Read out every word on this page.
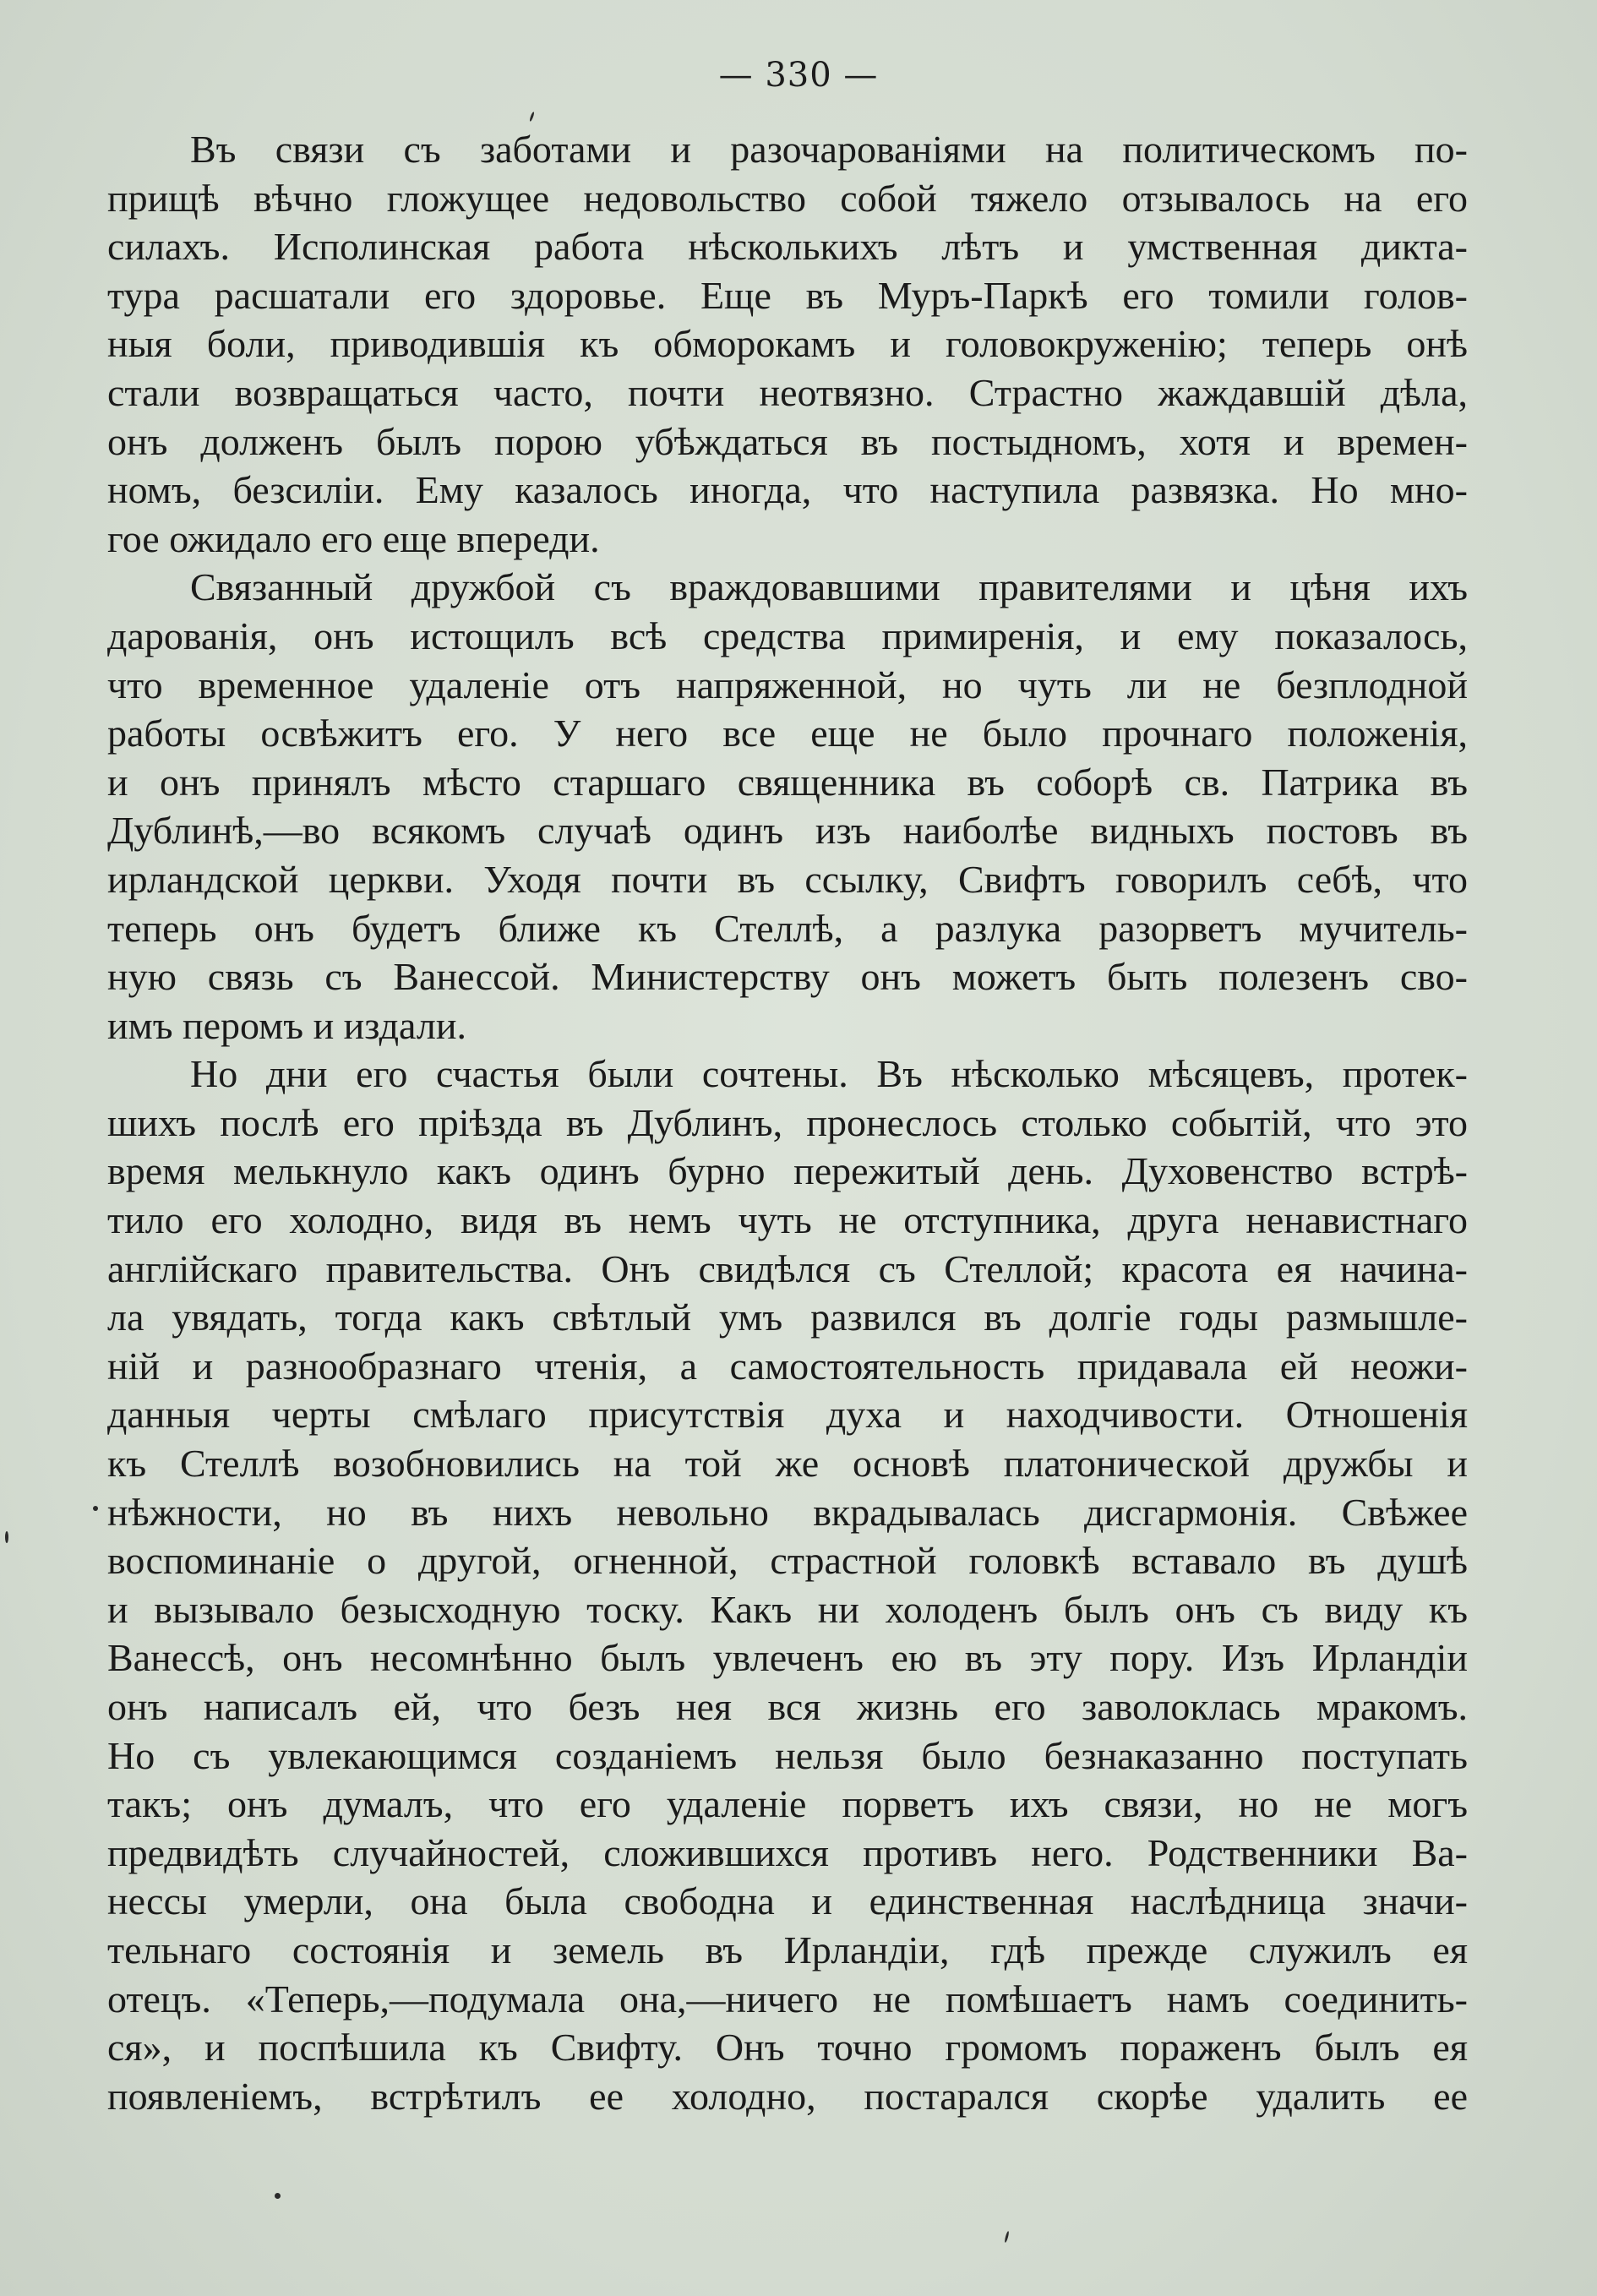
— 330 —
Въ связи съ заботами и разочарованіями на политическомъ по-
прищѣ вѣчно гложущее недовольство собой тяжело отзывалось на его
силахъ. Исполинская работа нѣсколькихъ лѣтъ и умственная дикта-
тура расшатали его здоровье. Еще въ Муръ-Паркѣ его томили голов-
ныя боли, приводившія къ обморокамъ и головокруженію; теперь онѣ
стали возвращаться часто, почти неотвязно. Страстно жаждавшій дѣла,
онъ долженъ былъ порою убѣждаться въ постыдномъ, хотя и времен-
номъ, безсиліи. Ему казалось иногда, что наступила развязка. Но мно-
гое ожидало его еще впереди.
Связанный дружбой съ враждовавшими правителями и цѣня ихъ
дарованія, онъ истощилъ всѣ средства примиренія, и ему показалось,
что временное удаленіе отъ напряженной, но чуть ли не безплодной
работы освѣжитъ его. У него все еще не было прочнаго положенія,
и онъ принялъ мѣсто старшаго священника въ соборѣ св. Патрика въ
Дублинѣ,—во всякомъ случаѣ одинъ изъ наиболѣе видныхъ постовъ въ
ирландской церкви. Уходя почти въ ссылку, Свифтъ говорилъ себѣ, что
теперь онъ будетъ ближе къ Стеллѣ, а разлука разорветъ мучитель-
ную связь съ Ванессой. Министерству онъ можетъ быть полезенъ сво-
имъ перомъ и издали.
Но дни его счастья были сочтены. Въ нѣсколько мѣсяцевъ, протек-
шихъ послѣ его пріѣзда въ Дублинъ, пронеслось столько событій, что это
время мелькнуло какъ одинъ бурно пережитый день. Духовенство встрѣ-
тило его холодно, видя въ немъ чуть не отступника, друга ненавистнаго
англійскаго правительства. Онъ свидѣлся съ Стеллой; красота ея начина-
ла увядать, тогда какъ свѣтлый умъ развился въ долгіе годы размышле-
ній и разнообразнаго чтенія, а самостоятельность придавала ей неожи-
данныя черты смѣлаго присутствія духа и находчивости. Отношенія
къ Стеллѣ возобновились на той же основѣ платонической дружбы и
нѣжности, но въ нихъ невольно вкрадывалась дисгармонія. Свѣжее
воспоминаніе о другой, огненной, страстной головкѣ вставало въ душѣ
и вызывало безысходную тоску. Какъ ни холоденъ былъ онъ съ виду къ
Ванессѣ, онъ несомнѣнно былъ увлеченъ ею въ эту пору. Изъ Ирландіи
онъ написалъ ей, что безъ нея вся жизнь его заволоклась мракомъ.
Но съ увлекающимся созданіемъ нельзя было безнаказанно поступать
такъ; онъ думалъ, что его удаленіе порветъ ихъ связи, но не могъ
предвидѣть случайностей, сложившихся противъ него. Родственники Ва-
нессы умерли, она была свободна и единственная наслѣдница значи-
тельнаго состоянія и земель въ Ирландіи, гдѣ прежде служилъ ея
отецъ. «Теперь,—подумала она,—ничего не помѣшаетъ намъ соединить-
ся», и поспѣшила къ Свифту. Онъ точно громомъ пораженъ былъ ея
появленіемъ, встрѣтилъ ее холодно, постарался скорѣе удалить ее
